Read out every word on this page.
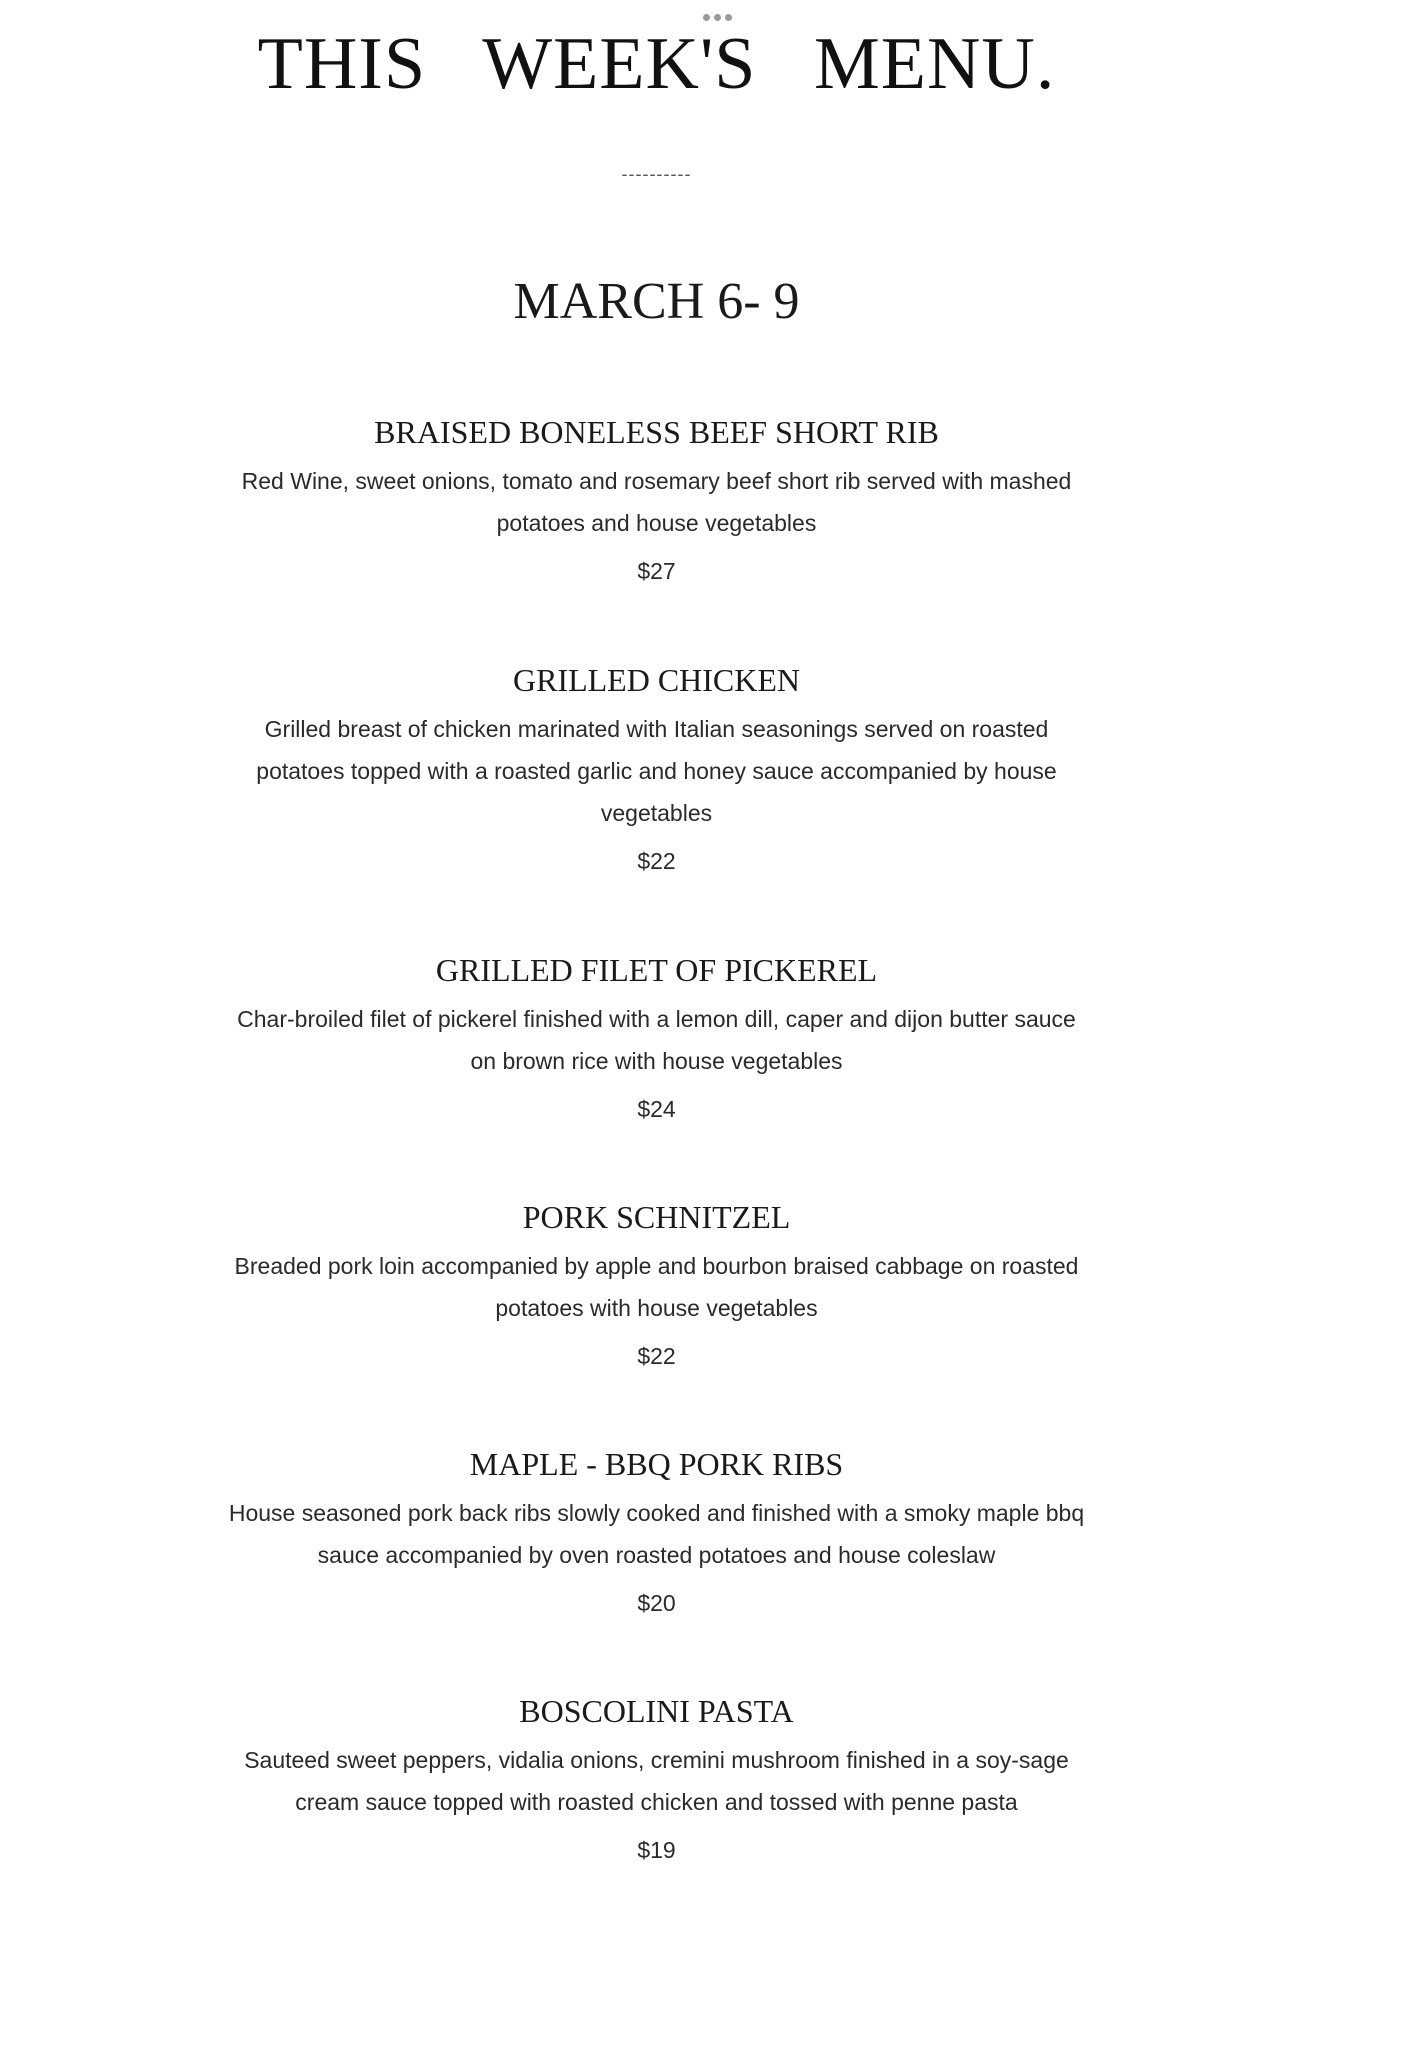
THIS WEEK'S MENU.
----------
MARCH 6- 9
BRAISED BONELESS BEEF SHORT RIB
Red Wine, sweet onions, tomato and rosemary beef short rib served with mashed potatoes and house vegetables
$27
GRILLED CHICKEN
Grilled breast of chicken marinated with Italian seasonings served on roasted potatoes topped with a roasted garlic and honey sauce accompanied by house vegetables
$22
GRILLED FILET OF PICKEREL
Char-broiled filet of pickerel finished with a lemon dill, caper and dijon butter sauce on brown rice with house vegetables
$24
PORK SCHNITZEL
Breaded pork loin accompanied by apple and bourbon braised cabbage on roasted potatoes with house vegetables
$22
MAPLE - BBQ PORK RIBS
House seasoned pork back ribs slowly cooked and finished with a smoky maple bbq sauce accompanied by oven roasted potatoes and house coleslaw
$20
BOSCOLINI PASTA
Sauteed sweet peppers, vidalia onions, cremini mushroom finished in a soy-sage cream sauce topped with roasted chicken and tossed with penne pasta
$19
